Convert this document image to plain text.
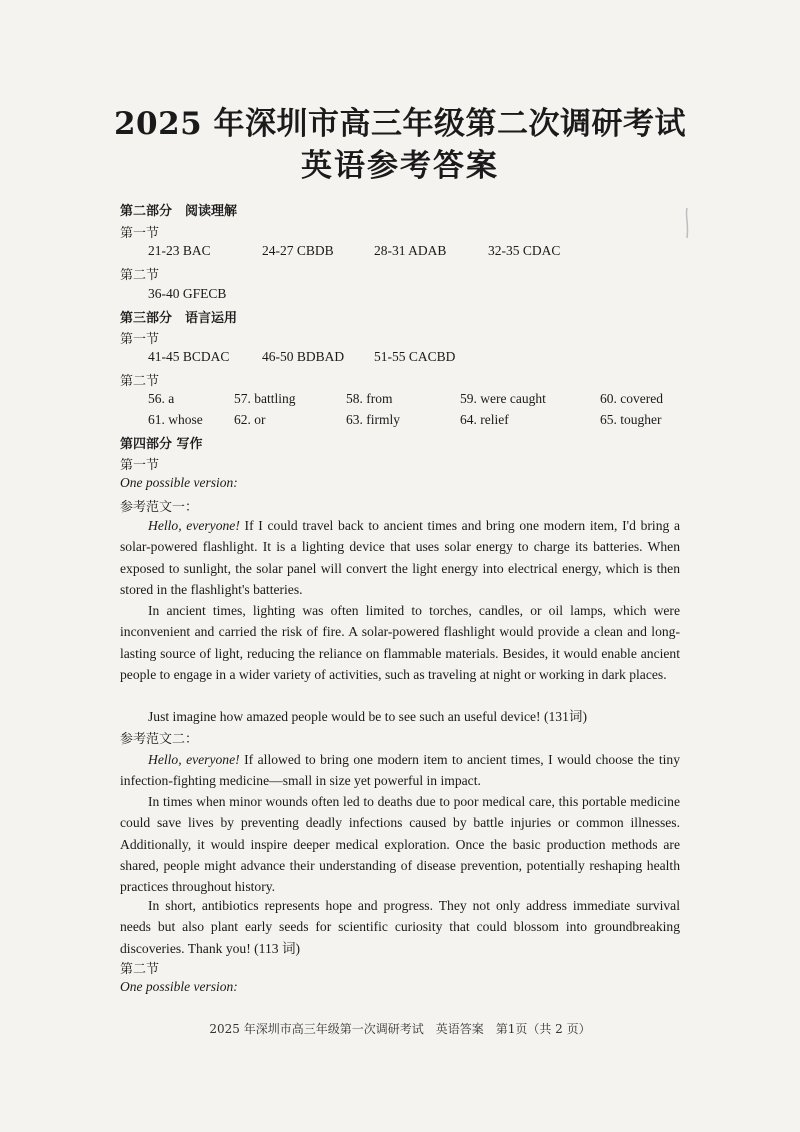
2025 年深圳市高三年级第二次调研考试
英语参考答案
第二部分　阅读理解
第一节
21-23 BAC	24-27 CBDB	28-31 ADAB	32-35 CDAC
第二节
36-40 GFECB
第三部分　语言运用
第一节
41-45 BCDAC 46-50 BDBAD 51-55 CACBD
第二节
56. a	57. battling	58. from	59. were caught	60. covered
61. whose 62. or	63. firmly	64. relief	65. tougher
第四部分 写作
第一节
One possible version:
参考范文一：
Hello, everyone! If I could travel back to ancient times and bring one modern item, I'd bring a solar-powered flashlight. It is a lighting device that uses solar energy to charge its batteries. When exposed to sunlight, the solar panel will convert the light energy into electrical energy, which is then stored in the flashlight's batteries.
In ancient times, lighting was often limited to torches, candles, or oil lamps, which were inconvenient and carried the risk of fire. A solar-powered flashlight would provide a clean and long-lasting source of light, reducing the reliance on flammable materials. Besides, it would enable ancient people to engage in a wider variety of activities, such as traveling at night or working in dark places.
Just imagine how amazed people would be to see such an useful device! (131词)
参考范文二：
Hello, everyone! If allowed to bring one modern item to ancient times, I would choose the tiny infection-fighting medicine—small in size yet powerful in impact.
In times when minor wounds often led to deaths due to poor medical care, this portable medicine could save lives by preventing deadly infections caused by battle injuries or common illnesses. Additionally, it would inspire deeper medical exploration. Once the basic production methods are shared, people might advance their understanding of disease prevention, potentially reshaping health practices throughout history.
In short, antibiotics represents hope and progress. They not only address immediate survival needs but also plant early seeds for scientific curiosity that could blossom into groundbreaking discoveries. Thank you! (113 词)
第二节
One possible version:
2025 年深圳市高三年级第一次调研考试　英语答案　第1页（共 2 页）
